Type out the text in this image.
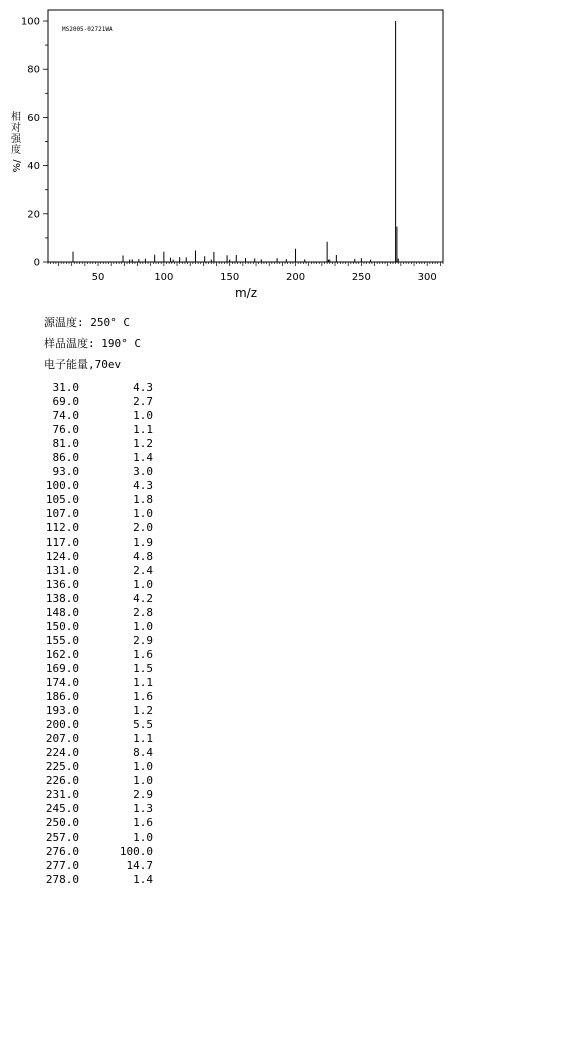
MS2005-02721WA
50	100	150	200	250	300
0
20
40
60
80
100
m/z
相
对
强
度
%/
源温度: 250° C
样品温度: 190° C
电子能量,70ev
31.0	4.3
69.0	2.7
74.0	1.0
76.0	1.1
81.0	1.2
86.0	1.4
93.0	3.0
100.0	4.3
105.0	1.8
107.0	1.0
112.0	2.0
117.0	1.9
124.0	4.8
131.0	2.4
136.0	1.0
138.0	4.2
148.0	2.8
150.0	1.0
155.0	2.9
162.0	1.6
169.0	1.5
174.0	1.1
186.0	1.6
193.0	1.2
200.0	5.5
207.0	1.1
224.0	8.4
225.0	1.0
226.0	1.0
231.0	2.9
245.0	1.3
250.0	1.6
257.0	1.0
276.0	100.0
277.0	14.7
278.0	1.4
